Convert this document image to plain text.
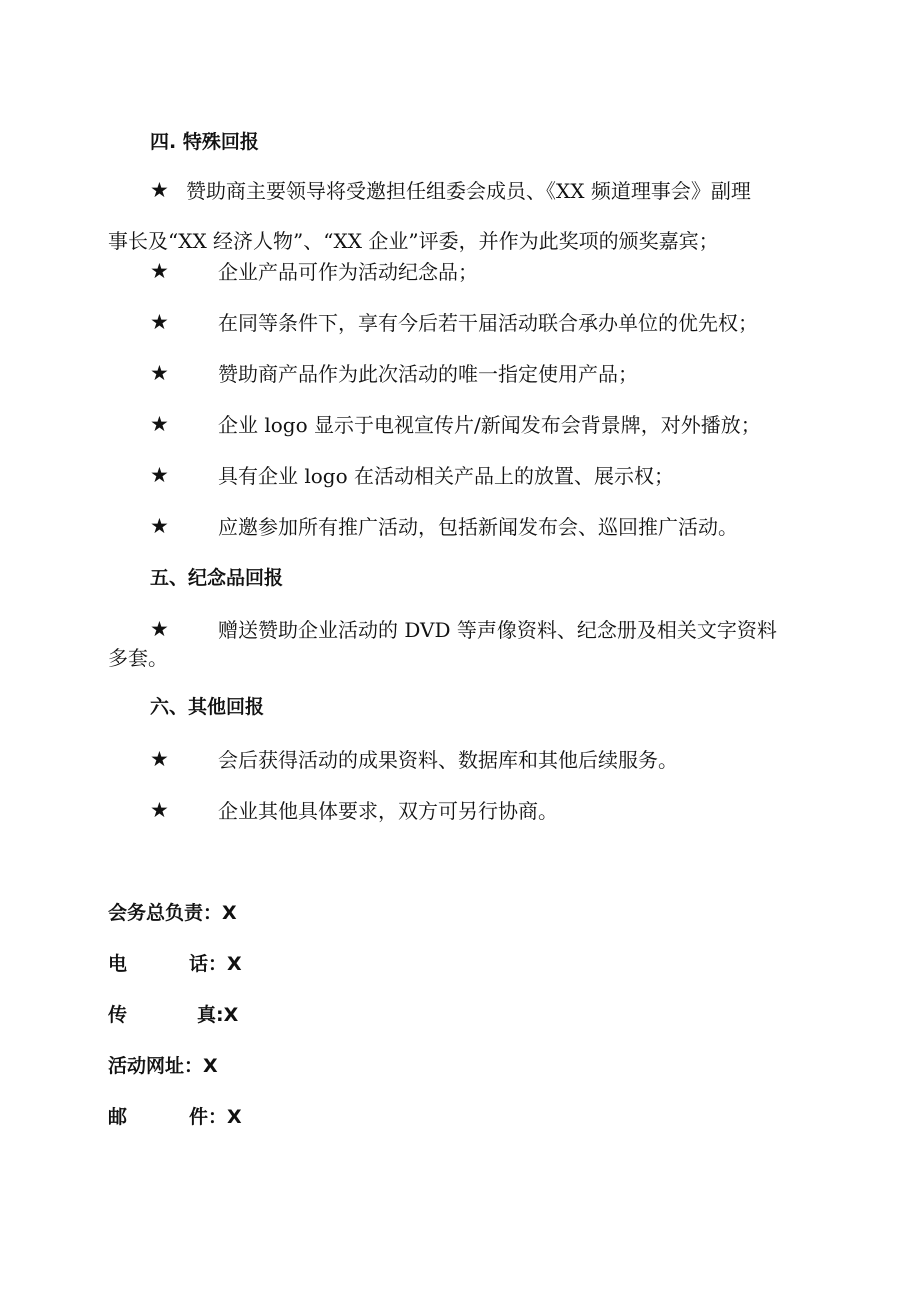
四. 特殊回报
★ 赞助商主要领导将受邀担任组委会成员、《XX 频道理事会》副理
事长及“XX 经济人物”、“XX 企业”评委，并作为此奖项的颁奖嘉宾；
★ 企业产品可作为活动纪念品；
★ 在同等条件下，享有今后若干届活动联合承办单位的优先权；
★ 赞助商产品作为此次活动的唯一指定使用产品；
★ 企业 logo 显示于电视宣传片/新闻发布会背景牌，对外播放；
★ 具有企业 logo 在活动相关产品上的放置、展示权；
★ 应邀参加所有推广活动，包括新闻发布会、巡回推广活动。
五、纪念品回报
★ 赠送赞助企业活动的 DVD 等声像资料、纪念册及相关文字资料
多套。
六、其他回报
★ 会后获得活动的成果资料、数据库和其他后续服务。
★ 企业其他具体要求，双方可另行协商。
会务总负责：X
电	话：X
传	真:X
活动网址：X
邮	件：X
